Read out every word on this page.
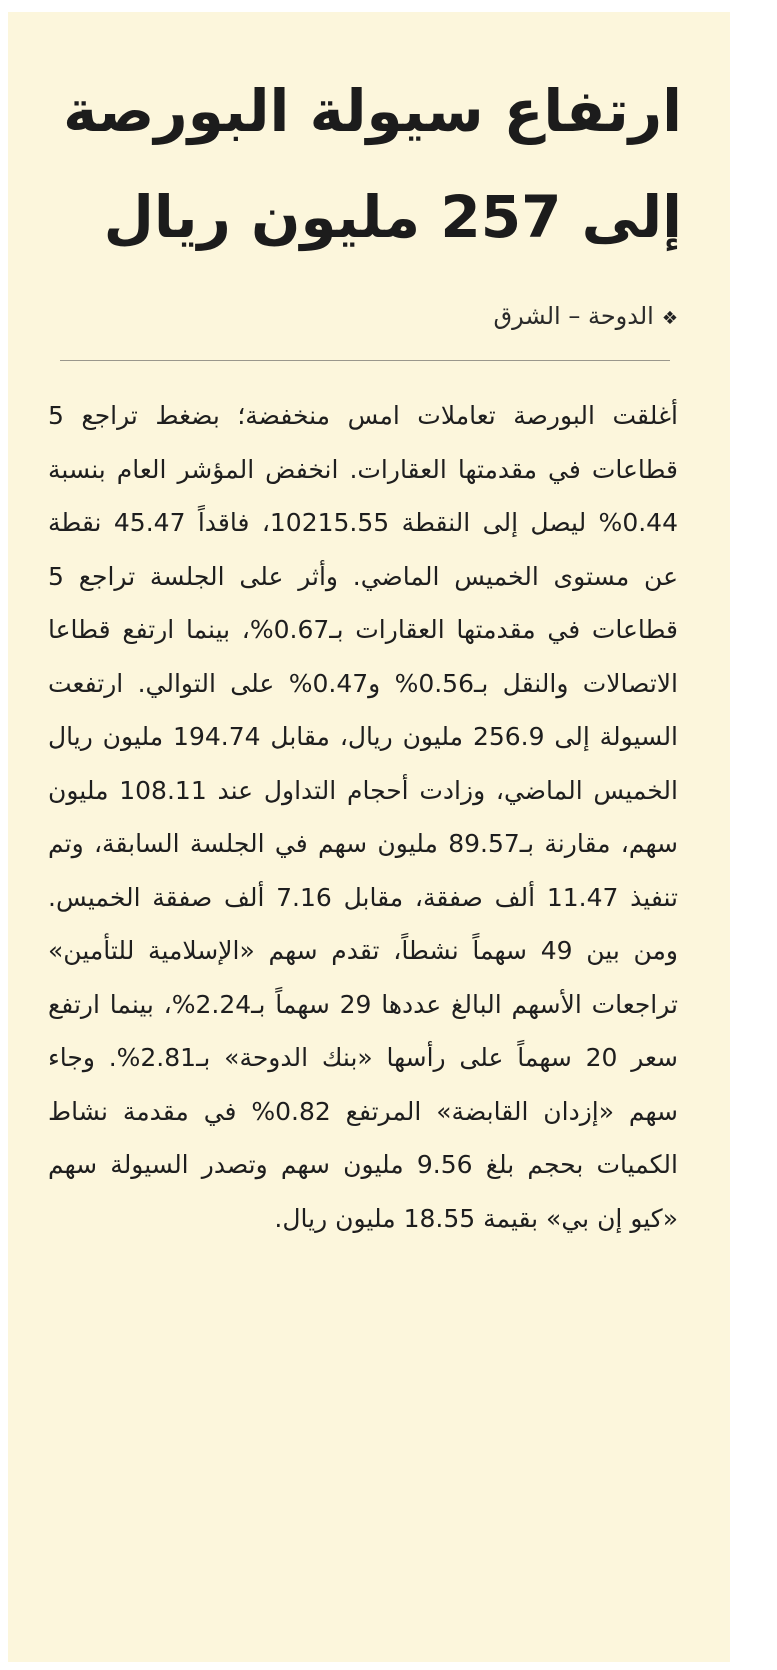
ارتفاع سيولة البورصة إلى 257 مليون ريال
❖الدوحة – الشرق

أغلقت البورصة تعاملات امس منخفضة؛ بضغط تراجع 5 قطاعات في مقدمتها العقارات. انخفض المؤشر العام بنسبة 0.44% ليصل إلى النقطة 10215.55، فاقداً 45.47 نقطة عن مستوى الخميس الماضي. وأثر على الجلسة تراجع 5 قطاعات في مقدمتها العقارات بـ0.67%، بينما ارتفع قطاعا الاتصالات والنقل بـ0.56% و0.47% على التوالي. ارتفعت السيولة إلى 256.9 مليون ريال، مقابل 194.74 مليون ريال الخميس الماضي، وزادت أحجام التداول عند 108.11 مليون سهم، مقارنة بـ89.57 مليون سهم في الجلسة السابقة، وتم تنفيذ 11.47 ألف صفقة، مقابل 7.16 ألف صفقة الخميس. ومن بين 49 سهماً نشطاً، تقدم سهم «الإسلامية للتأمين» تراجعات الأسهم البالغ عددها 29 سهماً بـ2.24%، بينما ارتفع سعر 20 سهماً على رأسها «بنك الدوحة» بـ2.81%. وجاء سهم «إزدان القابضة» المرتفع 0.82% في مقدمة نشاط الكميات بحجم بلغ 9.56 مليون سهم وتصدر السيولة سهم «كيو إن بي» بقيمة 18.55 مليون ريال.
